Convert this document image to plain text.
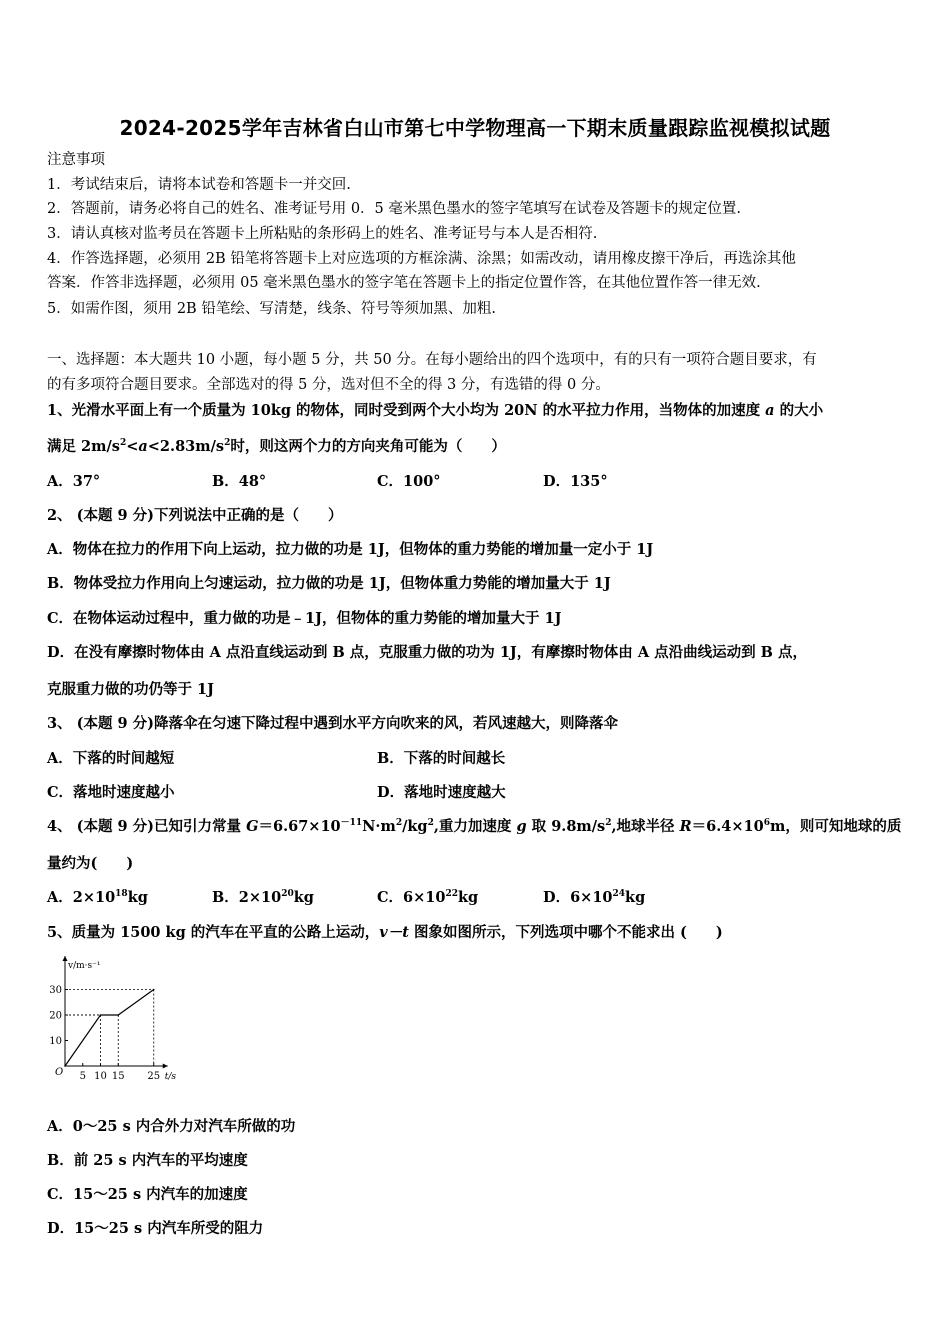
2024-2025学年吉林省白山市第七中学物理高一下期末质量跟踪监视模拟试题
注意事项
1．考试结束后，请将本试卷和答题卡一并交回.
2．答题前，请务必将自己的姓名、准考证号用 0．5 毫米黑色墨水的签字笔填写在试卷及答题卡的规定位置.
3．请认真核对监考员在答题卡上所粘贴的条形码上的姓名、准考证号与本人是否相符.
4．作答选择题，必须用 2B 铅笔将答题卡上对应选项的方框涂满、涂黑；如需改动，请用橡皮擦干净后，再选涂其他
答案．作答非选择题，必须用 05 毫米黑色墨水的签字笔在答题卡上的指定位置作答，在其他位置作答一律无效.
5．如需作图，须用 2B 铅笔绘、写清楚，线条、符号等须加黑、加粗.
一、选择题：本大题共 10 小题，每小题 5 分，共 50 分。在每小题给出的四个选项中，有的只有一项符合题目要求，有
的有多项符合题目要求。全部选对的得 5 分，选对但不全的得 3 分，有选错的得 0 分。
1、光滑水平面上有一个质量为 10kg 的物体，同时受到两个大小均为 20N 的水平拉力作用，当物体的加速度 a 的大小
满足 $2m/s^2<a<2.83m/s^2$时，则这两个力的方向夹角可能为（　　）
A．37°	B．48°	C．100°	D．135°
2、 (本题 9 分)下列说法中正确的是（　　）
A．物体在拉力的作用下向上运动，拉力做的功是 1J，但物体的重力势能的增加量一定小于 1J
B．物体受拉力作用向上匀速运动，拉力做的功是 1J，但物体重力势能的增加量大于 1J
C．在物体运动过程中，重力做的功是﹣1J，但物体的重力势能的增加量大于 1J
D．在没有摩擦时物体由 A 点沿直线运动到 B 点，克服重力做的功为 1J，有摩擦时物体由 A 点沿曲线运动到 B 点，
克服重力做的功仍等于 1J
3、 (本题 9 分)降落伞在匀速下降过程中遇到水平方向吹来的风，若风速越大，则降落伞
A．下落的时间越短	B．下落的时间越长
C．落地时速度越小	D．落地时速度越大
4、 (本题 9 分)已知引力常量 $G=6.67\times 10^{-11}N\cdot m^2/kg^2$,重力加速度 g 取 $9.8m/s^2$,地球半径 $R=6.4\times 10^6m$，则可知地球的质
量约为(　　)
A．$2\times 10^{18}kg$	B．$2\times 10^{20}kg$	C．$6\times 10^{22}kg$	D．$6\times 10^{24}kg$
5、质量为 1500 kg 的汽车在平直的公路上运动，v－t 图象如图所示，下列选项中哪个不能求出 (　　)
v/m·s⁻¹
t/s
O
10
20
30
5 10 15 25
A．0～25 s 内合外力对汽车所做的功
B．前 25 s 内汽车的平均速度
C．15～25 s 内汽车的加速度
D．15～25 s 内汽车所受的阻力
